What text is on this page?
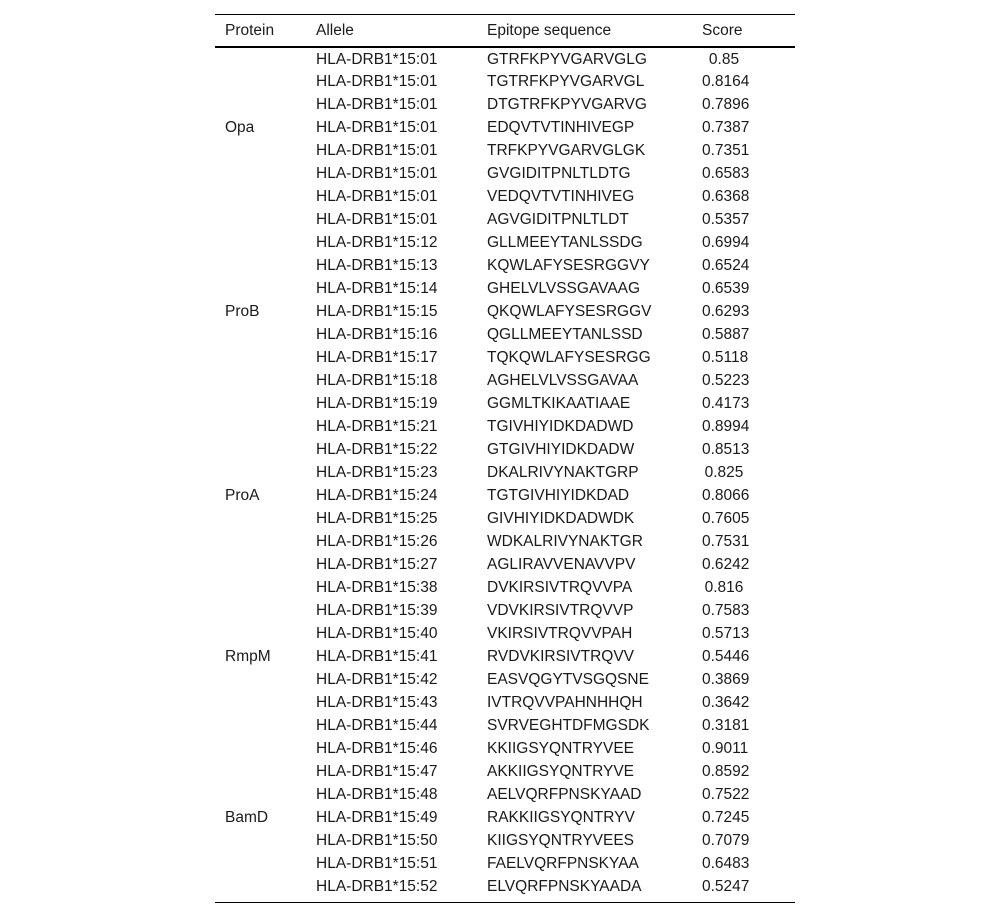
Protein	Allele	Epitope sequence	Score
	HLA-DRB1*15:01	GTRFKPYVGARVGLG	0.85
	HLA-DRB1*15:01	TGTRFKPYVGARVGL	0.8164
	HLA-DRB1*15:01	DTGTRFKPYVGARVG	0.7896
Opa	HLA-DRB1*15:01	EDQVTVTINHIVEGP	0.7387
	HLA-DRB1*15:01	TRFKPYVGARVGLGK	0.7351
	HLA-DRB1*15:01	GVGIDITPNLTLDTG	0.6583
	HLA-DRB1*15:01	VEDQVTVTINHIVEG	0.6368
	HLA-DRB1*15:01	AGVGIDITPNLTLDT	0.5357
	HLA-DRB1*15:12	GLLMEEYTANLSSDG	0.6994
	HLA-DRB1*15:13	KQWLAFYSESRGGVY	0.6524
	HLA-DRB1*15:14	GHELVLVSSGAVAAG	0.6539
ProB	HLA-DRB1*15:15	QKQWLAFYSESRGGV	0.6293
	HLA-DRB1*15:16	QGLLMEEYTANLSSD	0.5887
	HLA-DRB1*15:17	TQKQWLAFYSESRGG	0.5118
	HLA-DRB1*15:18	AGHELVLVSSGAVAA	0.5223
	HLA-DRB1*15:19	GGMLTKIKAATIAAE	0.4173
	HLA-DRB1*15:21	TGIVHIYIDKDADWD	0.8994
	HLA-DRB1*15:22	GTGIVHIYIDKDADW	0.8513
	HLA-DRB1*15:23	DKALRIVYNAKTGRP	0.825
ProA	HLA-DRB1*15:24	TGTGIVHIYIDKDAD	0.8066
	HLA-DRB1*15:25	GIVHIYIDKDADWDK	0.7605
	HLA-DRB1*15:26	WDKALRIVYNAKTGR	0.7531
	HLA-DRB1*15:27	AGLIRAVVENAVVPV	0.6242
	HLA-DRB1*15:38	DVKIRSIVTRQVVPA	0.816
	HLA-DRB1*15:39	VDVKIRSIVTRQVVP	0.7583
	HLA-DRB1*15:40	VKIRSIVTRQVVPAH	0.5713
RmpM	HLA-DRB1*15:41	RVDVKIRSIVTRQVV	0.5446
	HLA-DRB1*15:42	EASVQGYTVSGQSNE	0.3869
	HLA-DRB1*15:43	IVTRQVVPAHNHHQH	0.3642
	HLA-DRB1*15:44	SVRVEGHTDFMGSDK	0.3181
	HLA-DRB1*15:46	KKIIGSYQNTRYVEE	0.9011
	HLA-DRB1*15:47	AKKIIGSYQNTRYVE	0.8592
	HLA-DRB1*15:48	AELVQRFPNSKYAAD	0.7522
BamD	HLA-DRB1*15:49	RAKKIIGSYQNTRYV	0.7245
	HLA-DRB1*15:50	KIIGSYQNTRYVEES	0.7079
	HLA-DRB1*15:51	FAELVQRFPNSKYAA	0.6483
	HLA-DRB1*15:52	ELVQRFPNSKYAADA	0.5247
